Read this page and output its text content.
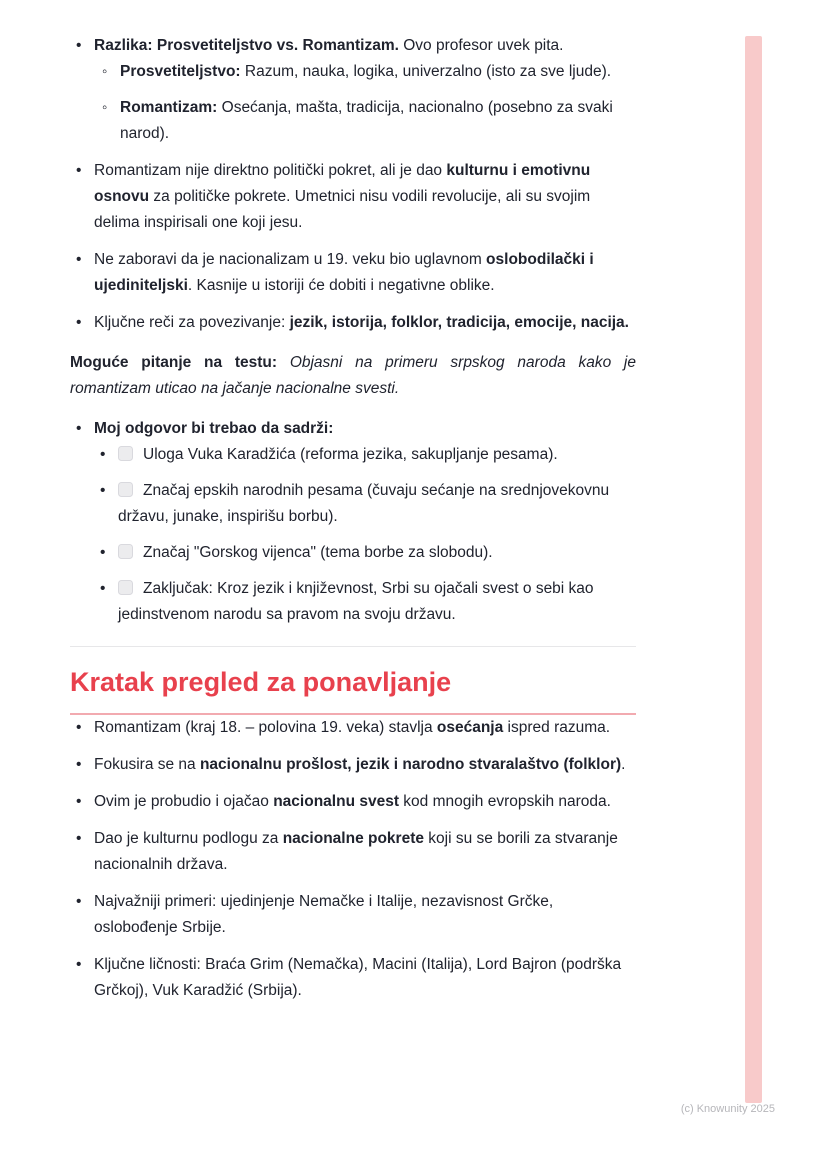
• Razlika: Prosvetiteljstvo vs. Romantizam. Ovo profesor uvek pita.
◦ Prosvetiteljstvo: Razum, nauka, logika, univerzalno (isto za sve ljude).
◦ Romantizam: Osećanja, mašta, tradicija, nacionalno (posebno za svaki narod).
• Romantizam nije direktno politički pokret, ali je dao kulturnu i emotivnu osnovu za političke pokrete. Umetnici nisu vodili revolucije, ali su svojim delima inspirisali one koji jesu.
• Ne zaboravi da je nacionalizam u 19. veku bio uglavnom oslobodilački i ujediniteljski. Kasnije u istoriji će dobiti i negativne oblike.
• Ključne reči za povezivanje: jezik, istorija, folklor, tradicija, emocije, nacija.

Moguće pitanje na testu: Objasni na primeru srpskog naroda kako je romantizam uticao na jačanje nacionalne svesti.

• Moj odgovor bi trebao da sadrži:
•	Uloga Vuka Karadžića (reforma jezika, sakupljanje pesama).
•	Značaj epskih narodnih pesama (čuvaju sećanje na srednjovekovnu državu, junake, inspirišu borbu).
•	Značaj "Gorskog vijenca" (tema borbe za slobodu).
•	Zaključak: Kroz jezik i književnost, Srbi su ojačali svest o sebi kao jedinstvenom narodu sa pravom na svoju državu.
Kratak pregled za ponavljanje
• Romantizam (kraj 18. – polovina 19. veka) stavlja osećanja ispred razuma.
• Fokusira se na nacionalnu prošlost, jezik i narodno stvaralaštvo (folklor).
• Ovim je probudio i ojačao nacionalnu svest kod mnogih evropskih naroda.
• Dao je kulturnu podlogu za nacionalne pokrete koji su se borili za stvaranje nacionalnih država.
• Najvažniji primeri: ujedinjenje Nemačke i Italije, nezavisnost Grčke, oslobođenje Srbije.
• Ključne ličnosti: Braća Grim (Nemačka), Macini (Italija), Lord Bajron (podrška Grčkoj), Vuk Karadžić (Srbija).
(c) Knowunity 2025
